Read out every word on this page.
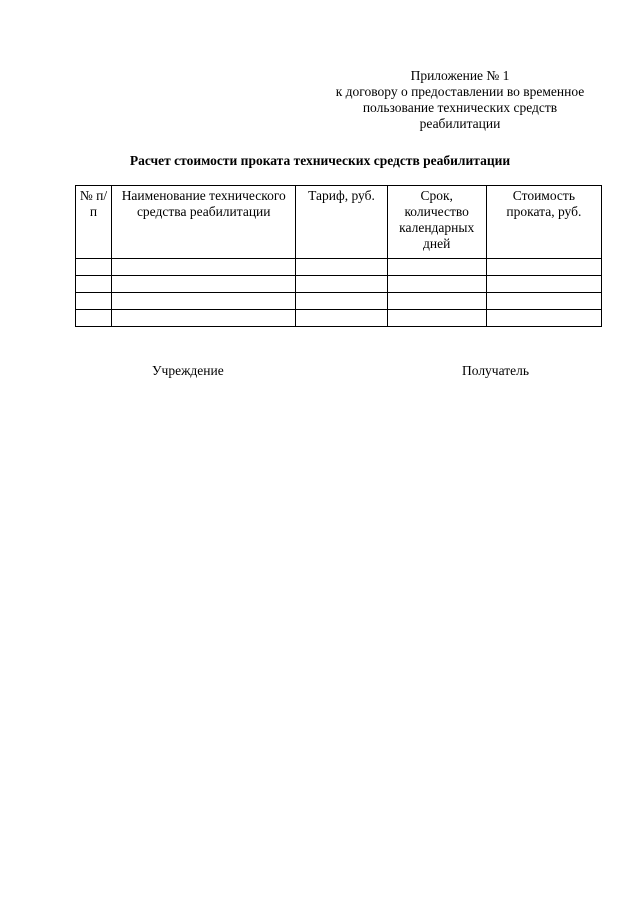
Приложение № 1
к договору о предоставлении во временное
пользование технических средств
реабилитации
Расчет стоимости проката технических средств реабилитации
№ п/п	Наименование технического средства реабилитации	Тариф, руб.	Срок, количество календарных дней	Стоимость проката, руб.

Учреждение	Получатель
